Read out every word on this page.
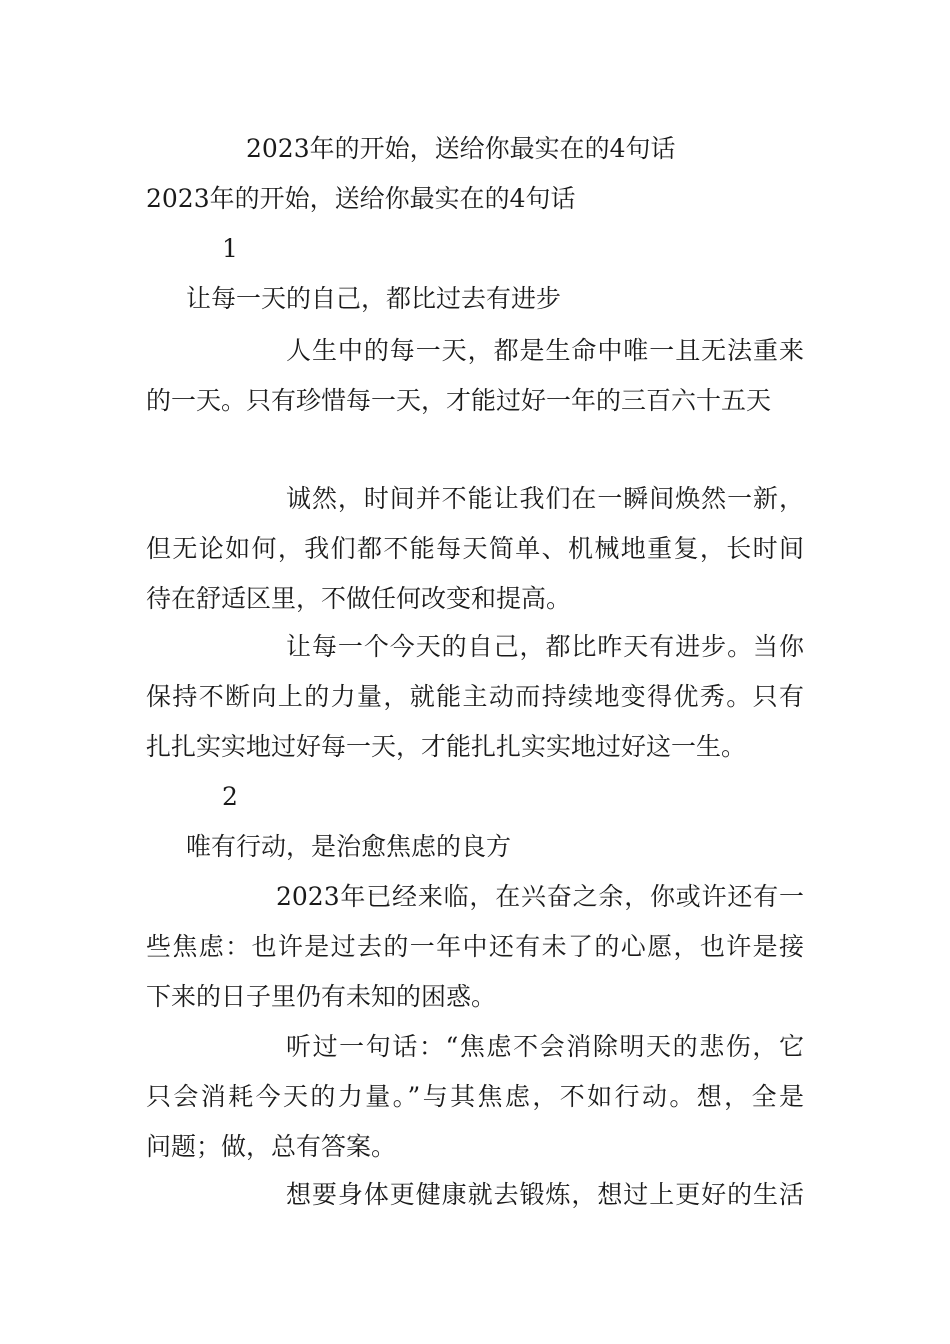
2023年的开始，送给你最实在的4句话
2023年的开始，送给你最实在的4句话
1
让每一天的自己，都比过去有进步
人生中的每一天，都是生命中唯一且无法重来
的一天。只有珍惜每一天，才能过好一年的三百六十五天
诚然，时间并不能让我们在一瞬间焕然一新，
但无论如何，我们都不能每天简单、机械地重复，长时间
待在舒适区里，不做任何改变和提高。
让每一个今天的自己，都比昨天有进步。当你
保持不断向上的力量，就能主动而持续地变得优秀。只有
扎扎实实地过好每一天，才能扎扎实实地过好这一生。
2
唯有行动，是治愈焦虑的良方
2023年已经来临，在兴奋之余，你或许还有一
些焦虑：也许是过去的一年中还有未了的心愿，也许是接
下来的日子里仍有未知的困惑。
听过一句话：“焦虑不会消除明天的悲伤，它
只会消耗今天的力量。”与其焦虑，不如行动。想，全是
问题；做，总有答案。
想要身体更健康就去锻炼，想过上更好的生活
